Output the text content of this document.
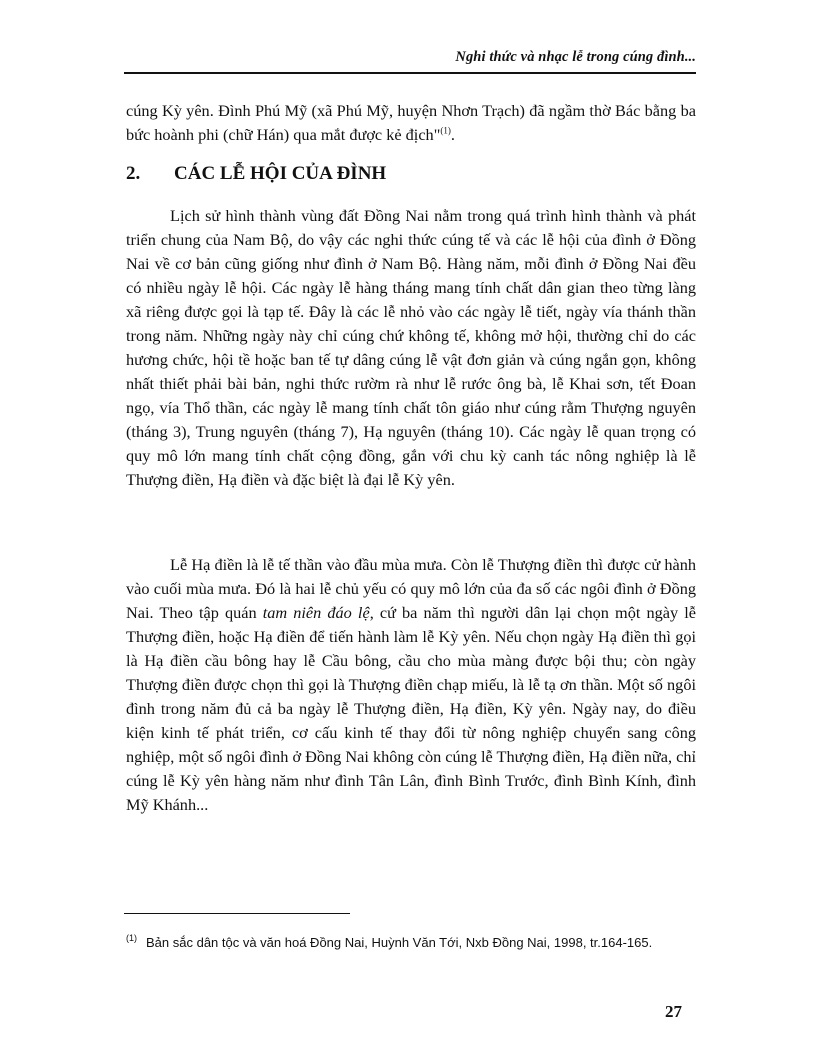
Nghi thức và nhạc lễ trong cúng đình...

cúng Kỳ yên. Đình Phú Mỹ (xã Phú Mỹ, huyện Nhơn Trạch) đã ngầm thờ Bác bằng ba bức hoành phi (chữ Hán) qua mắt được kẻ địch"$^{(1)}$.

2. CÁC LỄ HỘI CỦA ĐÌNH

Lịch sử hình thành vùng đất Đồng Nai nằm trong quá trình hình thành và phát triển chung của Nam Bộ, do vậy các nghi thức cúng tế và các lễ hội của đình ở Đồng Nai về cơ bản cũng giống như đình ở Nam Bộ. Hàng năm, mỗi đình ở Đồng Nai đều có nhiều ngày lễ hội. Các ngày lễ hàng tháng mang tính chất dân gian theo từng làng xã riêng được gọi là tạp tế. Đây là các lễ nhỏ vào các ngày lễ tiết, ngày vía thánh thần trong năm. Những ngày này chỉ cúng chứ không tế, không mở hội, thường chỉ do các hương chức, hội tề hoặc ban tế tự dâng cúng lễ vật đơn giản và cúng ngắn gọn, không nhất thiết phải bài bản, nghi thức rườm rà như lễ rước ông bà, lễ Khai sơn, tết Đoan ngọ, vía Thổ thần, các ngày lễ mang tính chất tôn giáo như cúng rằm Thượng nguyên (tháng 3), Trung nguyên (tháng 7), Hạ nguyên (tháng 10). Các ngày lễ quan trọng có quy mô lớn mang tính chất cộng đồng, gắn với chu kỳ canh tác nông nghiệp là lễ Thượng điền, Hạ điền và đặc biệt là đại lễ Kỳ yên.

Lễ Hạ điền là lễ tế thần vào đầu mùa mưa. Còn lễ Thượng điền thì được cử hành vào cuối mùa mưa. Đó là hai lễ chủ yếu có quy mô lớn của đa số các ngôi đình ở Đồng Nai. Theo tập quán tam niên đáo lệ, cứ ba năm thì người dân lại chọn một ngày lễ Thượng điền, hoặc Hạ điền để tiến hành làm lễ Kỳ yên. Nếu chọn ngày Hạ điền thì gọi là Hạ điền cầu bông hay lễ Cầu bông, cầu cho mùa màng được bội thu; còn ngày Thượng điền được chọn thì gọi là Thượng điền chạp miếu, là lễ tạ ơn thần. Một số ngôi đình trong năm đủ cả ba ngày lễ Thượng điền, Hạ điền, Kỳ yên. Ngày nay, do điều kiện kinh tế phát triển, cơ cấu kinh tế thay đổi từ nông nghiệp chuyển sang công nghiệp, một số ngôi đình ở Đồng Nai không còn cúng lễ Thượng điền, Hạ điền nữa, chỉ cúng lễ Kỳ yên hàng năm như đình Tân Lân, đình Bình Trước, đình Bình Kính, đình Mỹ Khánh...

(1) Bản sắc dân tộc và văn hoá Đồng Nai, Huỳnh Văn Tới, Nxb Đồng Nai, 1998, tr.164-165.
27
